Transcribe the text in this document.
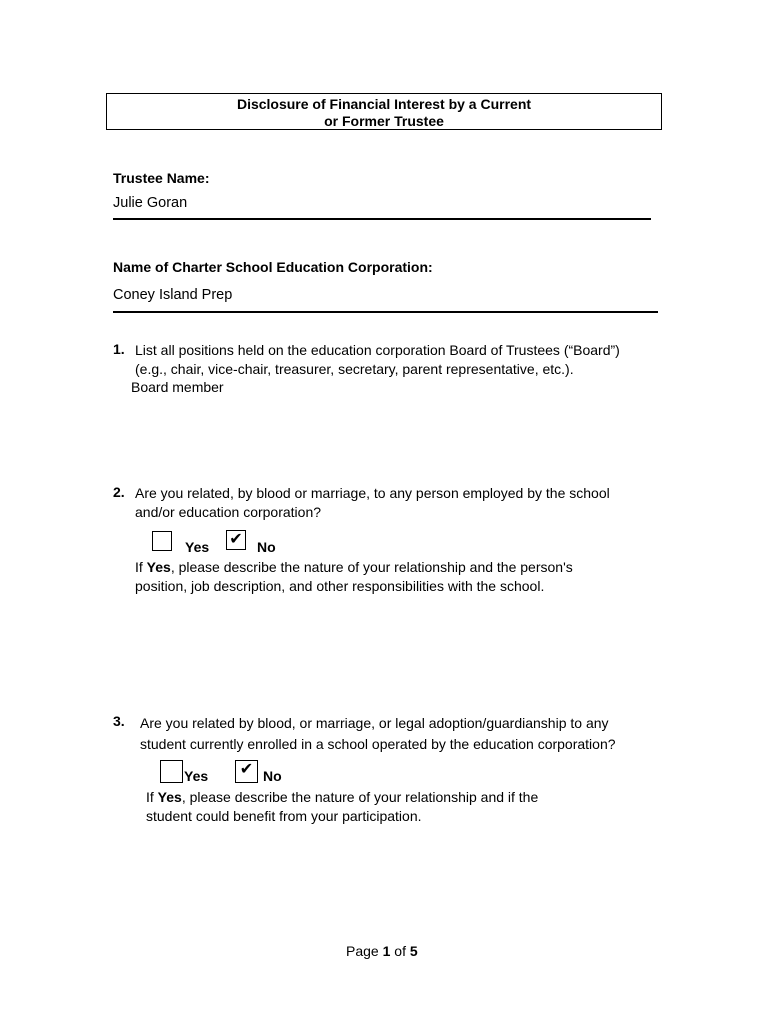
Disclosure of Financial Interest by a Current
or Former Trustee
Trustee Name:
Julie Goran
Name of Charter School Education Corporation:
Coney Island Prep
1. List all positions held on the education corporation Board of Trustees (“Board”)
(e.g., chair, vice-chair, treasurer, secretary, parent representative, etc.).
Board member
2. Are you related, by blood or marriage, to any person employed by the school
and/or education corporation?
Yes ✔ No
If Yes, please describe the nature of your relationship and the person's
position, job description, and other responsibilities with the school.
3. Are you related by blood, or marriage, or legal adoption/guardianship to any
student currently enrolled in a school operated by the education corporation?
Yes ✔ No
If Yes, please describe the nature of your relationship and if the
student could benefit from your participation.
Page 1 of 5
